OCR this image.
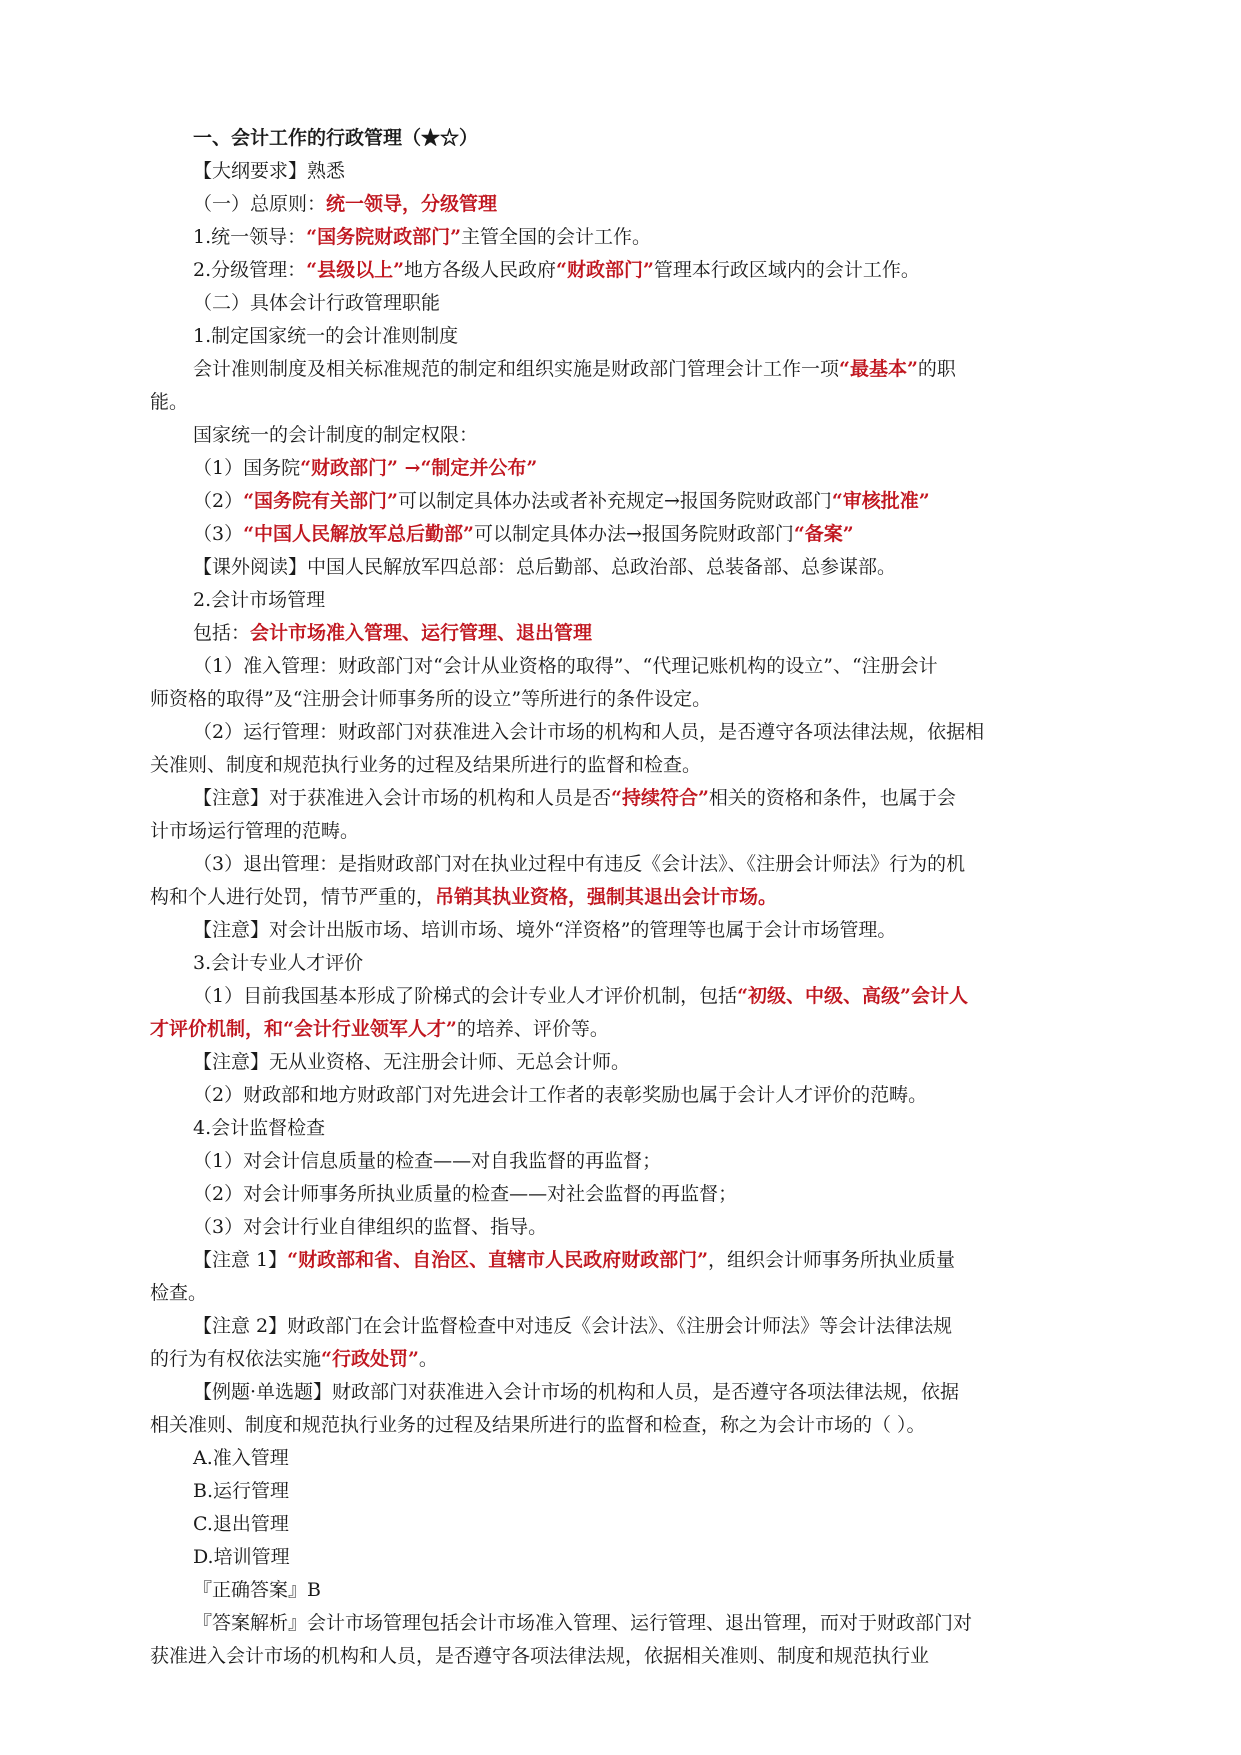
一、会计工作的行政管理（★☆）
【大纲要求】熟悉
（一）总原则：统一领导，分级管理
1.统一领导：“国务院财政部门”主管全国的会计工作。
2.分级管理：“县级以上”地方各级人民政府“财政部门”管理本行政区域内的会计工作。
（二）具体会计行政管理职能
1.制定国家统一的会计准则制度
会计准则制度及相关标准规范的制定和组织实施是财政部门管理会计工作一项“最基本”的职
能。
国家统一的会计制度的制定权限：
（1）国务院“财政部门” →“制定并公布”
（2）“国务院有关部门”可以制定具体办法或者补充规定→报国务院财政部门“审核批准”
（3）“中国人民解放军总后勤部”可以制定具体办法→报国务院财政部门“备案”
【课外阅读】中国人民解放军四总部：总后勤部、总政治部、总装备部、总参谋部。
2.会计市场管理
包括：会计市场准入管理、运行管理、退出管理
（1）准入管理：财政部门对“会计从业资格的取得”、“代理记账机构的设立”、“注册会计
师资格的取得”及“注册会计师事务所的设立”等所进行的条件设定。
（2）运行管理：财政部门对获准进入会计市场的机构和人员，是否遵守各项法律法规，依据相
关准则、制度和规范执行业务的过程及结果所进行的监督和检查。
【注意】对于获准进入会计市场的机构和人员是否“持续符合”相关的资格和条件，也属于会
计市场运行管理的范畴。
（3）退出管理：是指财政部门对在执业过程中有违反《会计法》、《注册会计师法》行为的机
构和个人进行处罚，情节严重的，吊销其执业资格，强制其退出会计市场。
【注意】对会计出版市场、培训市场、境外“洋资格”的管理等也属于会计市场管理。
3.会计专业人才评价
（1）目前我国基本形成了阶梯式的会计专业人才评价机制，包括“初级、中级、高级”会计人
才评价机制，和“会计行业领军人才”的培养、评价等。
【注意】无从业资格、无注册会计师、无总会计师。
（2）财政部和地方财政部门对先进会计工作者的表彰奖励也属于会计人才评价的范畴。
4.会计监督检查
（1）对会计信息质量的检查——对自我监督的再监督；
（2）对会计师事务所执业质量的检查——对社会监督的再监督；
（3）对会计行业自律组织的监督、指导。
【注意 1】“财政部和省、自治区、直辖市人民政府财政部门”，组织会计师事务所执业质量
检查。
【注意 2】财政部门在会计监督检查中对违反《会计法》、《注册会计师法》等会计法律法规
的行为有权依法实施“行政处罚”。
【例题·单选题】财政部门对获准进入会计市场的机构和人员，是否遵守各项法律法规，依据
相关准则、制度和规范执行业务的过程及结果所进行的监督和检查，称之为会计市场的（ ）。
A.准入管理
B.运行管理
C.退出管理
D.培训管理
『正确答案』B
『答案解析』会计市场管理包括会计市场准入管理、运行管理、退出管理，而对于财政部门对
获准进入会计市场的机构和人员，是否遵守各项法律法规，依据相关准则、制度和规范执行业
